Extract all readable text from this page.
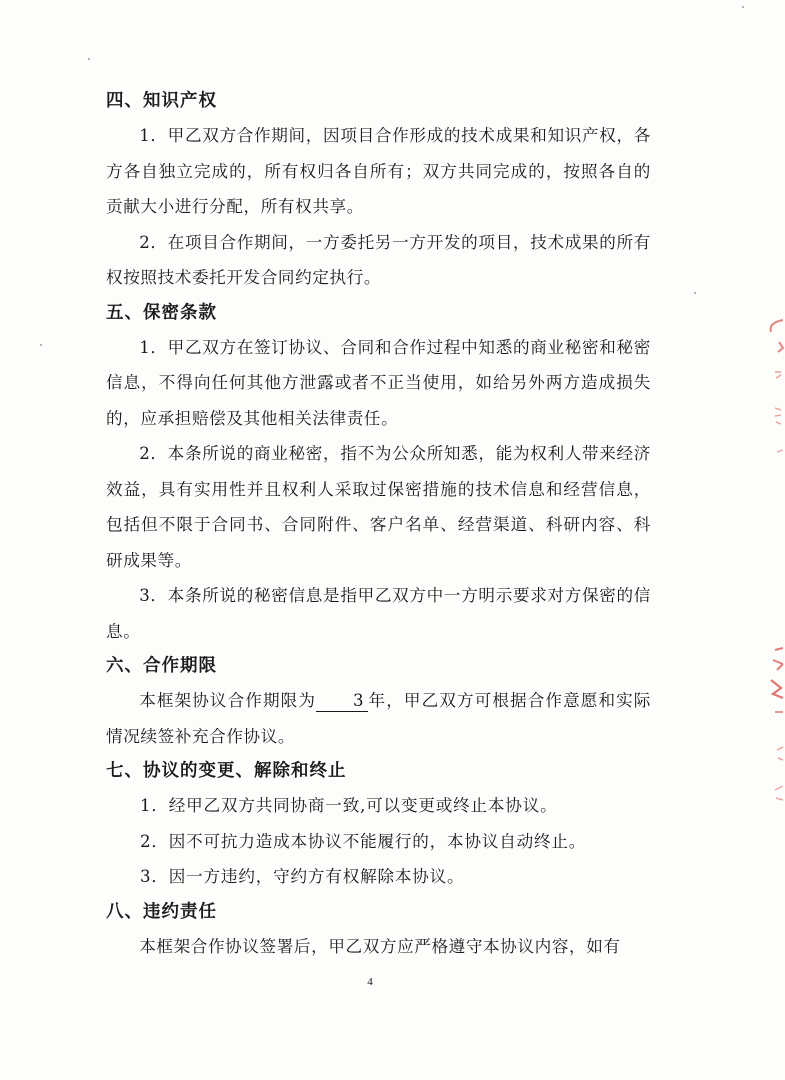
四、知识产权

1．甲乙双方合作期间，因项目合作形成的技术成果和知识产权，各方各自独立完成的，所有权归各自所有；双方共同完成的，按照各自的贡献大小进行分配，所有权共享。

2．在项目合作期间，一方委托另一方开发的项目，技术成果的所有权按照技术委托开发合同约定执行。

五、保密条款

1．甲乙双方在签订协议、合同和合作过程中知悉的商业秘密和秘密信息，不得向任何其他方泄露或者不正当使用，如给另外两方造成损失的，应承担赔偿及其他相关法律责任。

2．本条所说的商业秘密，指不为公众所知悉，能为权利人带来经济效益，具有实用性并且权利人采取过保密措施的技术信息和经营信息，包括但不限于合同书、合同附件、客户名单、经营渠道、科研内容、科研成果等。

3．本条所说的秘密信息是指甲乙双方中一方明示要求对方保密的信息。

六、合作期限

本框架协议合作期限为 3 年，甲乙双方可根据合作意愿和实际情况续签补充合作协议。

七、协议的变更、解除和终止

1．经甲乙双方共同协商一致,可以变更或终止本协议。

2．因不可抗力造成本协议不能履行的，本协议自动终止。

3．因一方违约，守约方有权解除本协议。

八、违约责任

本框架合作协议签署后，甲乙双方应严格遵守本协议内容，如有

4
